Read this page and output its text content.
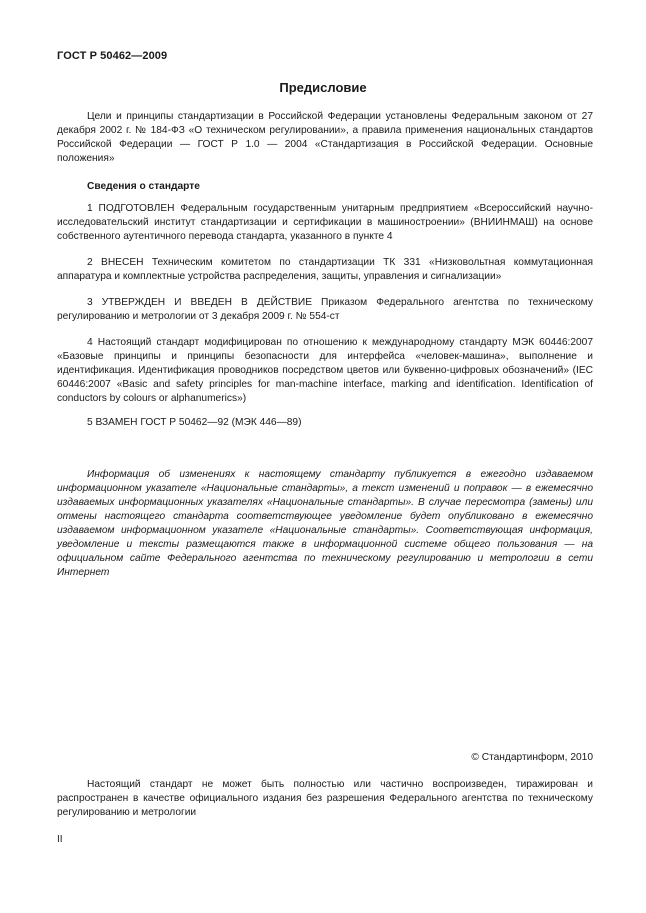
ГОСТ Р 50462—2009
Предисловие
Цели и принципы стандартизации в Российской Федерации установлены Федеральным законом от 27 декабря 2002 г. № 184-ФЗ «О техническом регулировании», а правила применения национальных стандартов Российской Федерации — ГОСТ Р 1.0 — 2004 «Стандартизация в Российской Федерации. Основные положения»
Сведения о стандарте
1 ПОДГОТОВЛЕН Федеральным государственным унитарным предприятием «Всероссийский научно-исследовательский институт стандартизации и сертификации в машиностроении» (ВНИИНМАШ) на основе собственного аутентичного перевода стандарта, указанного в пункте 4
2 ВНЕСЕН Техническим комитетом по стандартизации ТК 331 «Низковольтная коммутационная аппаратура и комплектные устройства распределения, защиты, управления и сигнализации»
3 УТВЕРЖДЕН И ВВЕДЕН В ДЕЙСТВИЕ Приказом Федерального агентства по техническому регулированию и метрологии от 3 декабря 2009 г. № 554-ст
4 Настоящий стандарт модифицирован по отношению к международному стандарту МЭК 60446:2007 «Базовые принципы и принципы безопасности для интерфейса «человек-машина», выполнение и идентификация. Идентификация проводников посредством цветов или буквенно-цифровых обозначений» (IEC 60446:2007 «Basic and safety principles for man-machine interface, marking and identification. Identification of conductors by colours or alphanumerics»)
5 ВЗАМЕН ГОСТ Р 50462—92 (МЭК 446—89)
Информация об изменениях к настоящему стандарту публикуется в ежегодно издаваемом информационном указателе «Национальные стандарты», а текст изменений и поправок — в ежемесячно издаваемых информационных указателях «Национальные стандарты». В случае пересмотра (замены) или отмены настоящего стандарта соответствующее уведомление будет опубликовано в ежемесячно издаваемом информационном указателе «Национальные стандарты». Соответствующая информация, уведомление и тексты размещаются также в информационной системе общего пользования — на официальном сайте Федерального агентства по техническому регулированию и метрологии в сети Интернет
© Стандартинформ, 2010
Настоящий стандарт не может быть полностью или частично воспроизведен, тиражирован и распространен в качестве официального издания без разрешения Федерального агентства по техническому регулированию и метрологии
II
